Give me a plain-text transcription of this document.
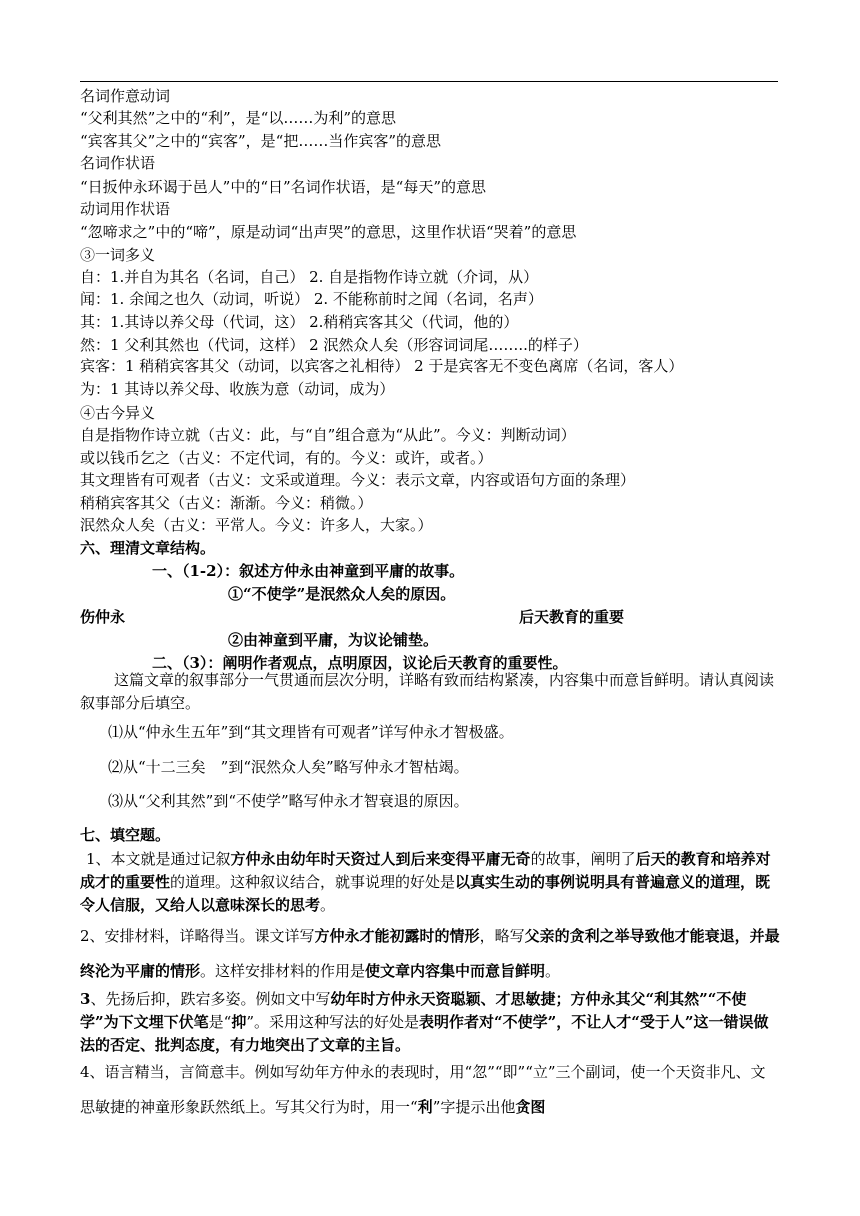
名词作意动词
“父利其然”之中的“利”，是“以……为利”的意思
“宾客其父”之中的“宾客”，是“把……当作宾客”的意思
名词作状语
“日扳仲永环谒于邑人”中的“日”名词作状语，是“每天”的意思
动词用作状语
“忽啼求之”中的“啼”，原是动词“出声哭”的意思，这里作状语“哭着”的意思
③一词多义
自：1.并自为其名（名词，自己） 2. 自是指物作诗立就（介词，从）
闻：1. 余闻之也久（动词，听说） 2. 不能称前时之闻（名词，名声）
其：1.其诗以养父母（代词，这） 2.稍稍宾客其父（代词，他的）
然：1 父利其然也（代词，这样） 2 泯然众人矣（形容词词尾……..的样子）
宾客：1 稍稍宾客其父（动词，以宾客之礼相待） 2 于是宾客无不变色离席（名词，客人）
为：1 其诗以养父母、收族为意（动词，成为）
④古今异义
自是指物作诗立就（古义：此，与“自”组合意为“从此”。今义：判断动词）
或以钱币乞之（古义：不定代词，有的。今义：或许，或者。）
其文理皆有可观者（古义：文采或道理。今义：表示文章，内容或语句方面的条理）
稍稍宾客其父（古义：渐渐。今义：稍微。）
泯然众人矣（古义：平常人。今义：许多人，大家。）
六、理清文章结构。
一、（1-2）：叙述方仲永由神童到平庸的故事。
①“不使学”是泯然众人矣的原因。
伤仲永	后天教育的重要
②由神童到平庸，为议论铺垫。
二、（3）：阐明作者观点，点明原因，议论后天教育的重要性。
这篇文章的叙事部分一气贯通而层次分明，详略有致而结构紧凑，内容集中而意旨鲜明。请认真阅读叙事部分后填空。
⑴从“仲永生五年”到“其文理皆有可观者”详写仲永才智极盛。
⑵从“十二三矣　”到“泯然众人矣”略写仲永才智枯竭。
⑶从“父利其然”到“不使学”略写仲永才智衰退的原因。
七、填空题。
1、本文就是通过记叙方仲永由幼年时天资过人到后来变得平庸无奇的故事，阐明了后天的教育和培养对成才的重要性的道理。这种叙议结合，就事说理的好处是以真实生动的事例说明具有普遍意义的道理，既令人信服，又给人以意味深长的思考。
2、安排材料，详略得当。课文详写方仲永才能初露时的情形，略写父亲的贪利之举导致他才能衰退，并最终沦为平庸的情形。这样安排材料的作用是使文章内容集中而意旨鲜明。
3、先扬后抑，跌宕多姿。例如文中写幼年时方仲永天资聪颖、才思敏捷；方仲永其父“利其然”“不使学”为下文埋下伏笔是“抑”。采用这种写法的好处是表明作者对“不使学”，不让人才“受于人”这一错误做法的否定、批判态度，有力地突出了文章的主旨。
4、语言精当，言简意丰。例如写幼年方仲永的表现时，用“忽”“即”“立”三个副词，使一个天资非凡、文思敏捷的神童形象跃然纸上。写其父行为时，用一“利”字提示出他贪图
